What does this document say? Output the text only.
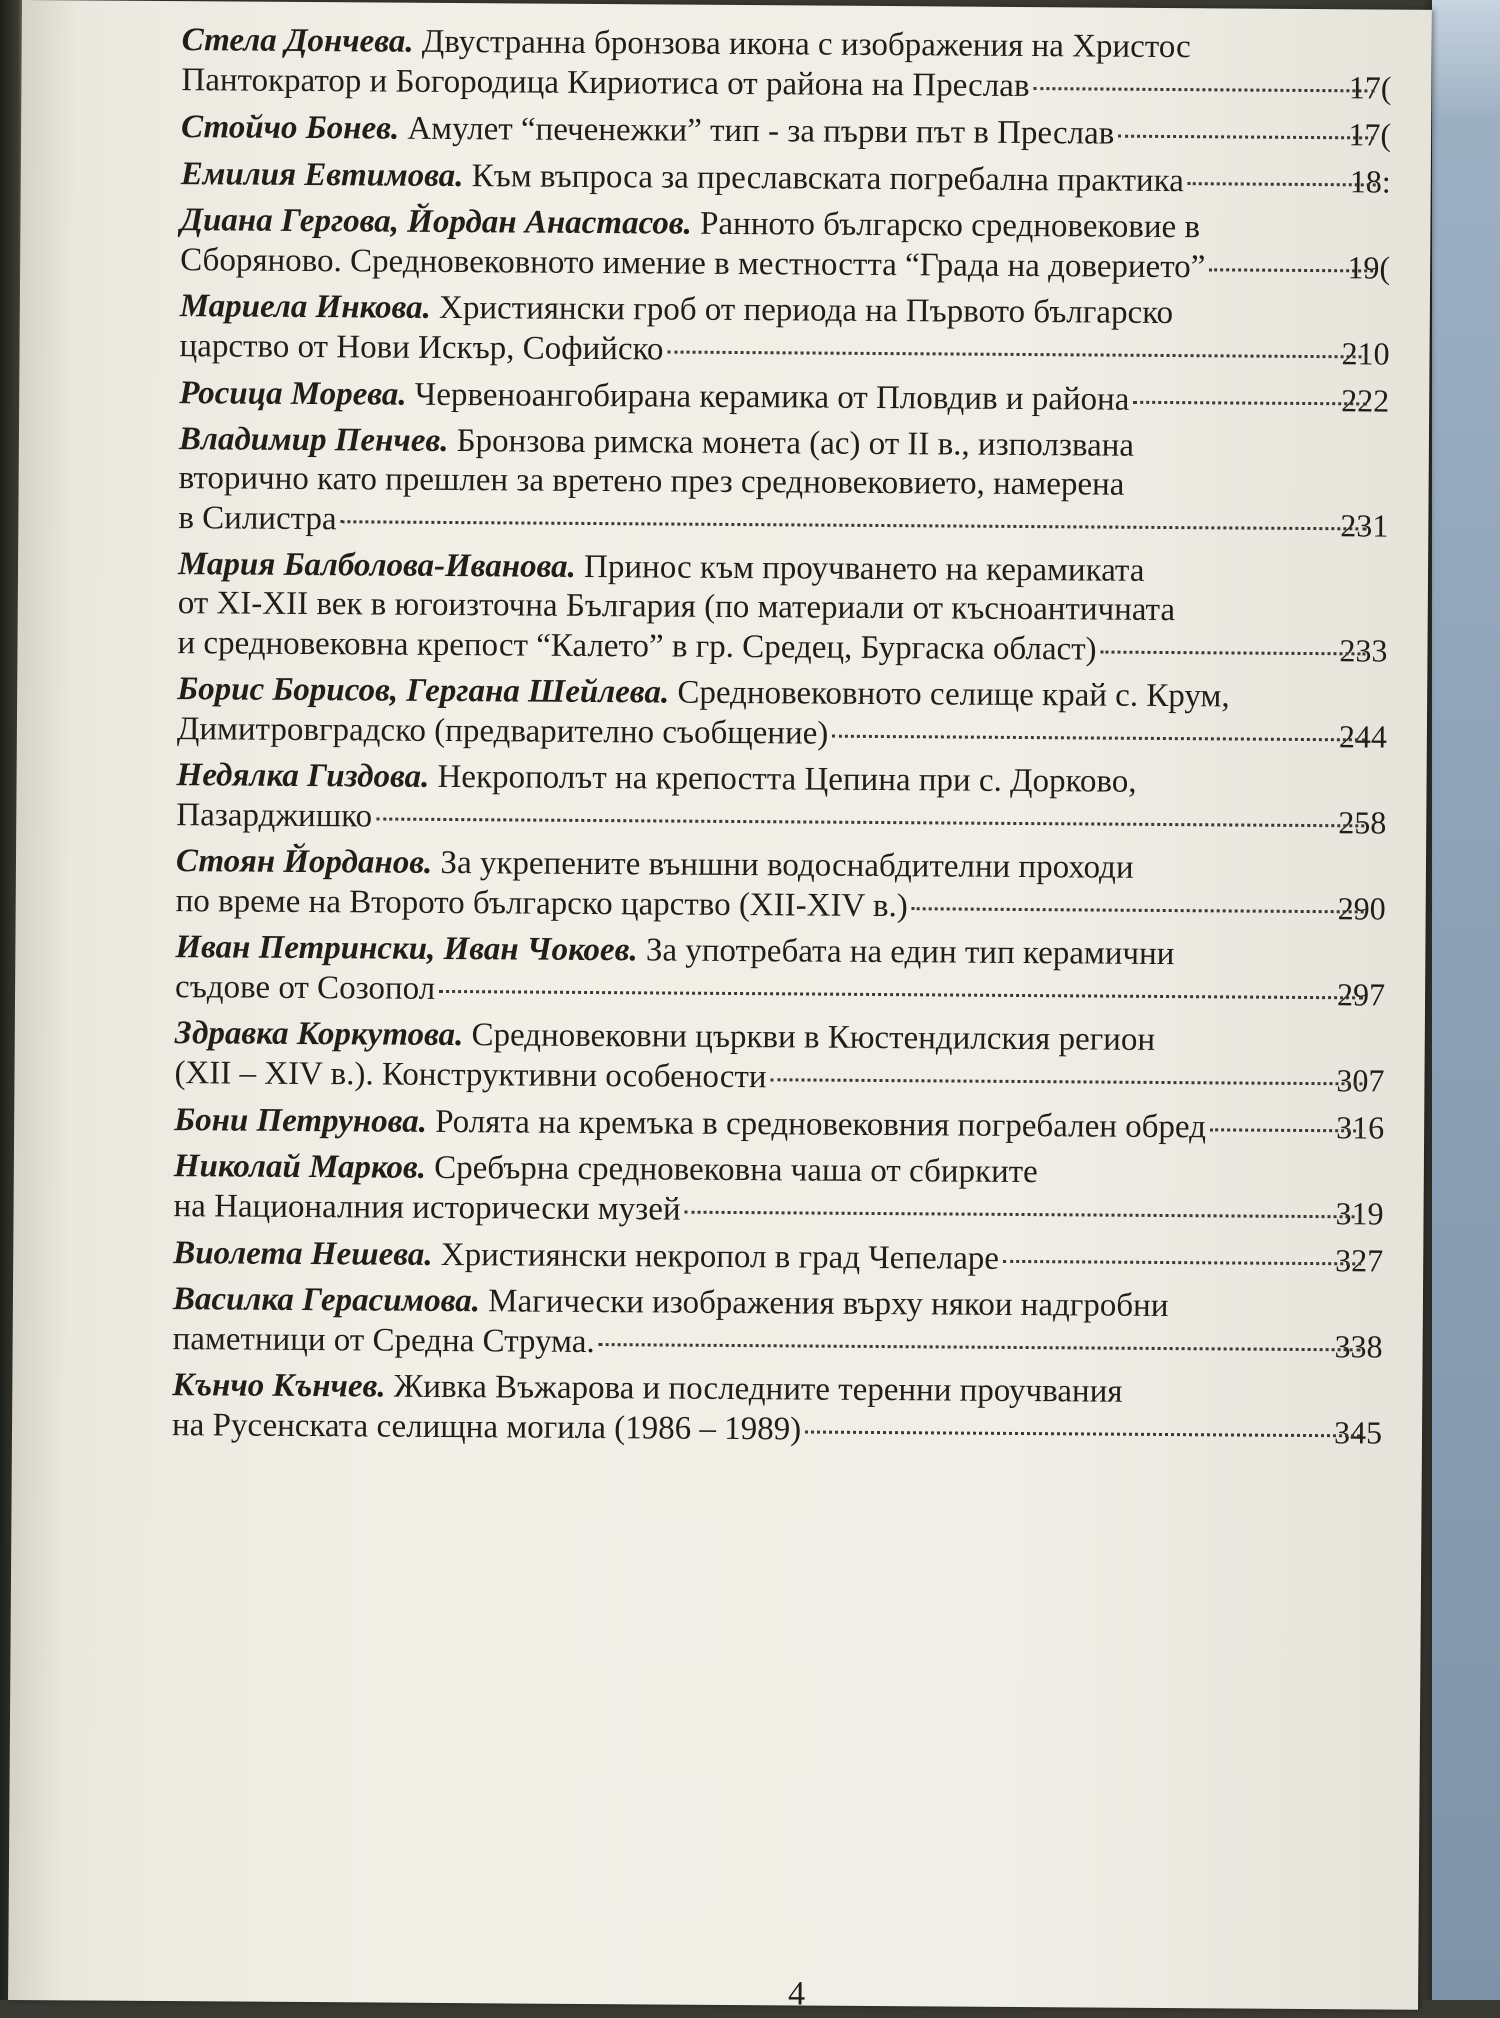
Стела Дончева. Двустранна бронзова икона с изображения на Христос
Пантократор и Богородица Кириотиса от района на Преслав	17(
Стойчо Бонев. Амулет “печенежки” тип - за първи път в Преслав	17(
Емилия Евтимова. Към въпроса за преславската погребална практика	18:
Диана Гергова, Йордан Анастасов. Ранното българско средновековие в
Сборяново. Средновековното имение в местността “Града на доверието”	19(
Мариела Инкова. Християнски гроб от периода на Първото българско
царство от Нови Искър, Софийско	210
Росица Морева. Червеноангобирана керамика от Пловдив и района	222
Владимир Пенчев. Бронзова римска монета (ас) от II в., използвана
вторично като прешлен за вретено през средновековието, намерена
в Силистра	231
Мария Балболова-Иванова. Принос към проучването на керамиката
от XI-XII век в югоизточна България (по материали от късноантичната
и средновековна крепост “Калето” в гр. Средец, Бургаска област)	233
Борис Борисов, Гергана Шейлева. Средновековното селище край с. Крум,
Димитровградско (предварително съобщение)	244
Недялка Гиздова. Некрополът на крепостта Цепина при с. Дорково,
Пазарджишко	258
Стоян Йорданов. За укрепените външни водоснабдителни проходи
по време на Второто българско царство (XII-XIV в.)	290
Иван Петрински, Иван Чокоев. За употребата на един тип керамични
съдове от Созопол	297
Здравка Коркутова. Средновековни църкви в Кюстендилския регион
(XII – XIV в.). Конструктивни особености	307
Бони Петрунова. Ролята на кремъка в средновековния погребален обред	316
Николай Марков. Сребърна средновековна чаша от сбирките
на Националния исторически музей	319
Виолета Нешева. Християнски некропол в град Чепеларе	327
Василка Герасимова. Магически изображения върху някои надгробни
паметници от Средна Струма.	338
Кънчо Кънчев. Живка Въжарова и последните теренни проучвания
на Русенската селищна могила (1986 – 1989)	345
4
